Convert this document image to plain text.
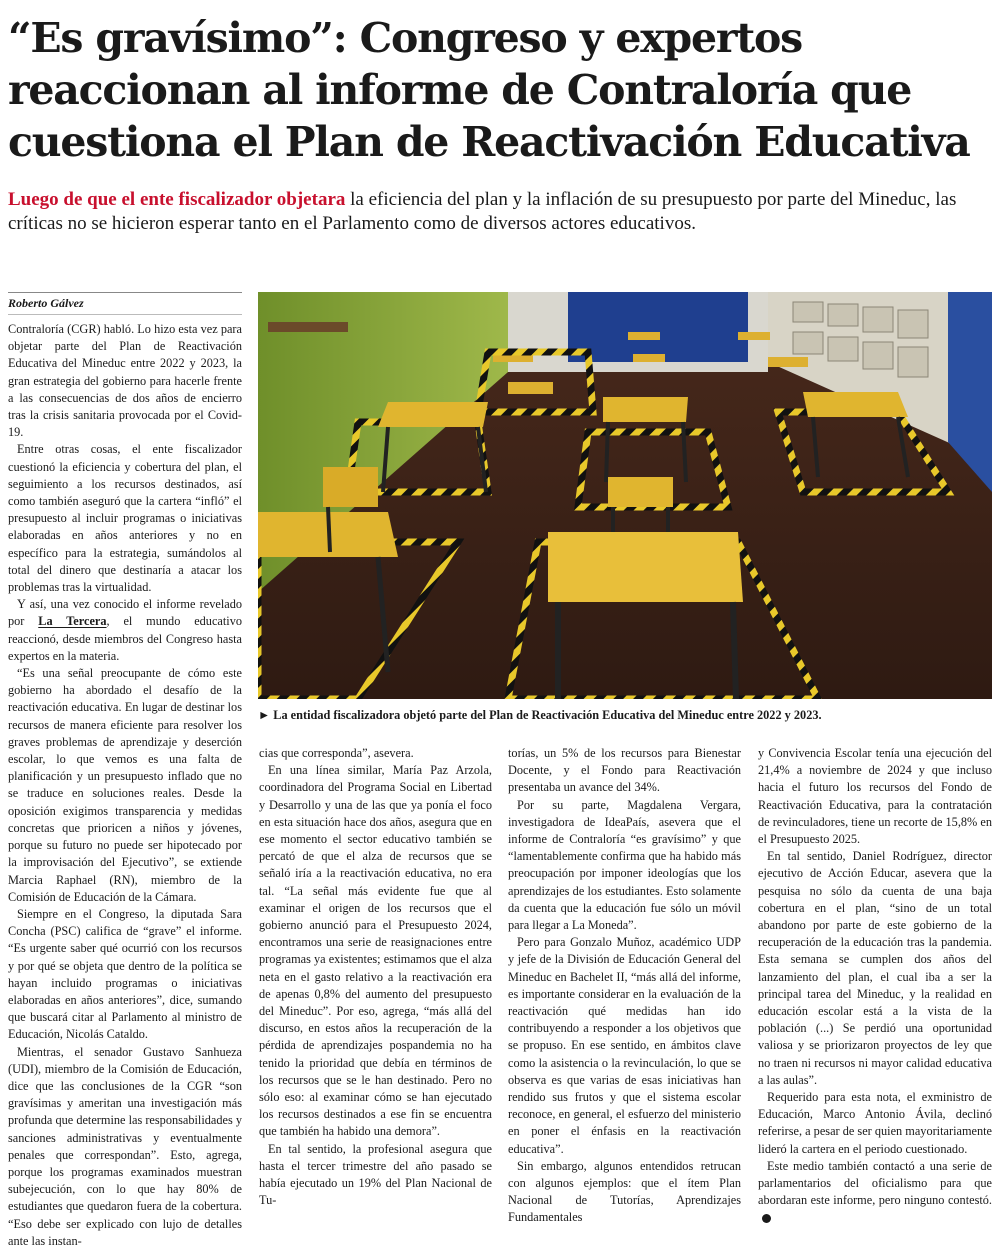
“Es gravísimo”: Congreso y expertos
reaccionan al informe de Contraloría que
cuestiona el Plan de Reactivación Educativa

Luego de que el ente fiscalizador objetara la eficiencia del plan y la inflación de su presupuesto por parte del Mineduc, las críticas no se hicieron esperar tanto en el Parlamento como de diversos actores educativos.

Roberto Gálvez

Contraloría (CGR) habló. Lo hizo esta vez para objetar parte del Plan de Reactivación Educativa del Mineduc entre 2022 y 2023, la gran estrategia del gobierno para hacerle frente a las consecuencias de dos años de encierro tras la crisis sanitaria provocada por el Covid-19.

Entre otras cosas, el ente fiscalizador cuestionó la eficiencia y cobertura del plan, el seguimiento a los recursos destinados, así como también aseguró que la cartera “infló” el presupuesto al incluir programas o iniciativas elaboradas en años anteriores y no en específico para la estrategia, sumándolos al total del dinero que destinaría a atacar los problemas tras la virtualidad.

Y así, una vez conocido el informe revelado por La Tercera, el mundo educativo reaccionó, desde miembros del Congreso hasta expertos en la materia.

“Es una señal preocupante de cómo este gobierno ha abordado el desafío de la reactivación educativa. En lugar de destinar los recursos de manera eficiente para resolver los graves problemas de aprendizaje y deserción escolar, lo que vemos es una falta de planificación y un presupuesto inflado que no se traduce en soluciones reales. Desde la oposición exigimos transparencia y medidas concretas que prioricen a niños y jóvenes, porque su futuro no puede ser hipotecado por la improvisación del Ejecutivo”, se extiende Marcia Raphael (RN), miembro de la Comisión de Educación de la Cámara.

Siempre en el Congreso, la diputada Sara Concha (PSC) califica de “grave” el informe. “Es urgente saber qué ocurrió con los recursos y por qué se objeta que dentro de la política se hayan incluido programas o iniciativas elaboradas en años anteriores”, dice, sumando que buscará citar al Parlamento al ministro de Educación, Nicolás Cataldo.

Mientras, el senador Gustavo Sanhueza (UDI), miembro de la Comisión de Educación, dice que las conclusiones de la CGR “son gravísimas y ameritan una investigación más profunda que determine las responsabilidades y sanciones administrativas y eventualmente penales que correspondan”. Esto, agrega, porque los programas examinados muestran subejecución, con lo que hay 80% de estudiantes que quedaron fuera de la cobertura. “Eso debe ser explicado con lujo de detalles ante las instan-

► La entidad fiscalizadora objetó parte del Plan de Reactivación Educativa del Mineduc entre 2022 y 2023.

cias que corresponda”, asevera.

En una línea similar, María Paz Arzola, coordinadora del Programa Social en Libertad y Desarrollo y una de las que ya ponía el foco en esta situación hace dos años, asegura que en ese momento el sector educativo también se percató de que el alza de recursos que se señaló iría a la reactivación educativa, no era tal. “La señal más evidente fue que al examinar el origen de los recursos que el gobierno anunció para el Presupuesto 2024, encontramos una serie de reasignaciones entre programas ya existentes; estimamos que el alza neta en el gasto relativo a la reactivación era de apenas 0,8% del aumento del presupuesto del Mineduc”. Por eso, agrega, “más allá del discurso, en estos años la recuperación de la pérdida de aprendizajes pospandemia no ha tenido la prioridad que debía en términos de los recursos que se le han destinado. Pero no sólo eso: al examinar cómo se han ejecutado los recursos destinados a ese fin se encuentra que también ha habido una demora”.

En tal sentido, la profesional asegura que hasta el tercer trimestre del año pasado se había ejecutado un 19% del Plan Nacional de Tu-

torías, un 5% de los recursos para Bienestar Docente, y el Fondo para Reactivación presentaba un avance del 34%.

Por su parte, Magdalena Vergara, investigadora de IdeaPaís, asevera que el informe de Contraloría “es gravísimo” y que “lamentablemente confirma que ha habido más preocupación por imponer ideologías que los aprendizajes de los estudiantes. Esto solamente da cuenta que la educación fue sólo un móvil para llegar a La Moneda”.

Pero para Gonzalo Muñoz, académico UDP y jefe de la División de Educación General del Mineduc en Bachelet II, “más allá del informe, es importante considerar en la evaluación de la reactivación qué medidas han ido contribuyendo a responder a los objetivos que se propuso. En ese sentido, en ámbitos clave como la asistencia o la revinculación, lo que se observa es que varias de esas iniciativas han rendido sus frutos y que el sistema escolar reconoce, en general, el esfuerzo del ministerio en poner el énfasis en la reactivación educativa”.

Sin embargo, algunos entendidos retrucan con algunos ejemplos: que el ítem Plan Nacional de Tutorías, Aprendizajes Fundamentales

y Convivencia Escolar tenía una ejecución del 21,4% a noviembre de 2024 y que incluso hacia el futuro los recursos del Fondo de Reactivación Educativa, para la contratación de revinculadores, tiene un recorte de 15,8% en el Presupuesto 2025.

En tal sentido, Daniel Rodríguez, director ejecutivo de Acción Educar, asevera que la pesquisa no sólo da cuenta de una baja cobertura en el plan, “sino de un total abandono por parte de este gobierno de la recuperación de la educación tras la pandemia. Esta semana se cumplen dos años del lanzamiento del plan, el cual iba a ser la principal tarea del Mineduc, y la realidad en educación escolar está a la vista de la población (...) Se perdió una oportunidad valiosa y se priorizaron proyectos de ley que no traen ni recursos ni mayor calidad educativa a las aulas”.

Requerido para esta nota, el exministro de Educación, Marco Antonio Ávila, declinó referirse, a pesar de ser quien mayoritariamente lideró la cartera en el periodo cuestionado.

Este medio también contactó a una serie de parlamentarios del oficialismo para que abordaran este informe, pero ninguno contestó.
